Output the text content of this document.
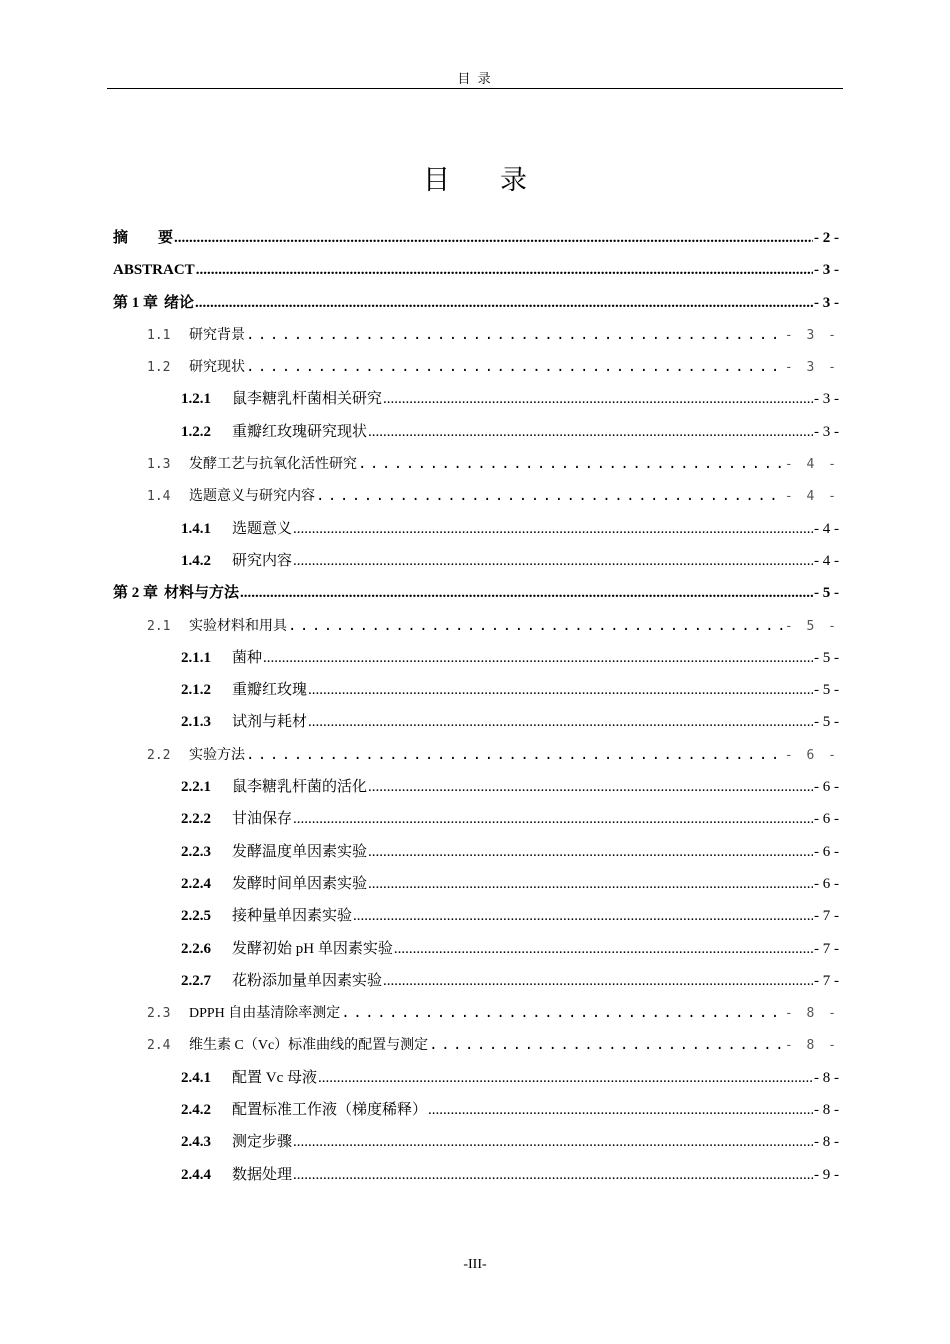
目 录
目 录
摘　　要 .....	- 2 -
ABSTRACT .....	- 3 -
第 1 章 绪论 .....	- 3 -
1.1	研究背景 .....	- 3 -
1.2	研究现状 .....	- 3 -
1.2.1	鼠李糖乳杆菌相关研究 .....	- 3 -
1.2.2	重瓣红玫瑰研究现状 .....	- 3 -
1.3	发酵工艺与抗氧化活性研究 .....	- 4 -
1.4	选题意义与研究内容 .....	- 4 -
1.4.1	选题意义 .....	- 4 -
1.4.2	研究内容 .....	- 4 -
第 2 章 材料与方法 .....	- 5 -
2.1	实验材料和用具 .....	- 5 -
2.1.1	菌种 .....	- 5 -
2.1.2	重瓣红玫瑰 .....	- 5 -
2.1.3	试剂与耗材 .....	- 5 -
2.2	实验方法 .....	- 6 -
2.2.1	鼠李糖乳杆菌的活化 .....	- 6 -
2.2.2	甘油保存 .....	- 6 -
2.2.3	发酵温度单因素实验 .....	- 6 -
2.2.4	发酵时间单因素实验 .....	- 6 -
2.2.5	接种量单因素实验 .....	- 7 -
2.2.6	发酵初始 pH 单因素实验 .....	- 7 -
2.2.7	花粉添加量单因素实验 .....	- 7 -
2.3	DPPH 自由基清除率测定 .....	- 8 -
2.4	维生素 C（Vc）标准曲线的配置与测定 .....	- 8 -
2.4.1	配置 Vc 母液 .....	- 8 -
2.4.2	配置标准工作液（梯度稀释） .....	- 8 -
2.4.3	测定步骤 .....	- 8 -
2.4.4	数据处理 .....	- 9 -
-III-
